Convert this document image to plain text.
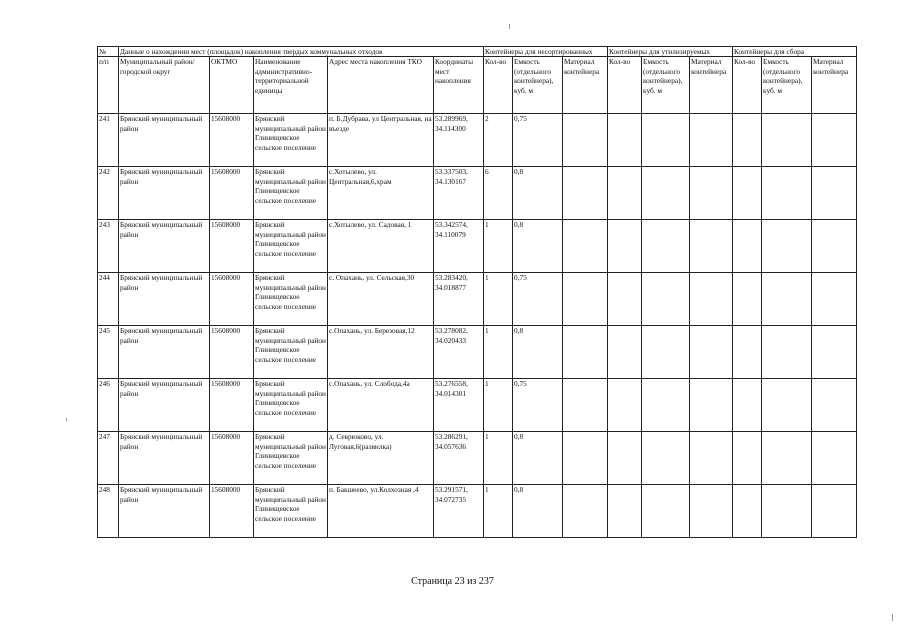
№	Данные о нахождении мест (площадок) накопления твердых коммунальных отходов					Контейнеры для несортированных			Контейнеры для утилизируемых			Контейнеры для сбора		
п/п	Муниципальный район/городской округ	ОКТМО	Наименование административно-территориальной единицы	Адрес места накопления ТКО	Координаты мест накопления	Кол-во	Емкость (отдельного контейнера), куб. м	Материал контейнера	Кол-во	Емкость (отдельного контейнера), куб. м	Материал контейнера	Кол-во	Емкость (отдельного контейнера), куб. м	Материал контейнера
241	Брянский муниципальный район	15608000	Брянский муниципальный район Глинищевское сельское поселение	п. Б.Дубрава, ул Центральная, на въезде	53.289969, 34.114300	2	0,75							
242	Брянский муниципальный район	15608000	Брянский муниципальный район Глинищевское сельское поселение	с.Хотылево, ул. Центральная,6,храм	53.337503, 34.130167	6	0,8							
243	Брянский муниципальный район	15608000	Брянский муниципальный район Глинищевское сельское поселение	с.Хотылево, ул. Садовая, 1	53.342574, 34.110079	1	0,8							
244	Брянский муниципальный район	15608000	Брянский муниципальный район Глинищевское сельское поселение	с. Опахань, ул. Сельская,30	53.283420, 34.018877	1	0,75							
245	Брянский муниципальный район	15608000	Брянский муниципальный район Глинищевское сельское поселение	с.Опахань, ул. Березовая,12	53.278082, 34.020433	1	0,8							
246	Брянский муниципальный район	15608000	Брянский муниципальный район Глинищевское сельское поселение	с.Опахань, ул. Слобода,4а	53.276558, 34.014301	1	0,75							
247	Брянский муниципальный район	15608000	Брянский муниципальный район Глинищевское сельское поселение	д. Севрюково, ул. Луговая,6(развилка)	53.286291, 34.057636	1	0,8							
248	Брянский муниципальный район	15608000	Брянский муниципальный район Глинищевское сельское поселение	п. Бакшеево, ул.Колхозная ,4	53.291571, 34.072735	1	0,8							
Страница 23 из 237
